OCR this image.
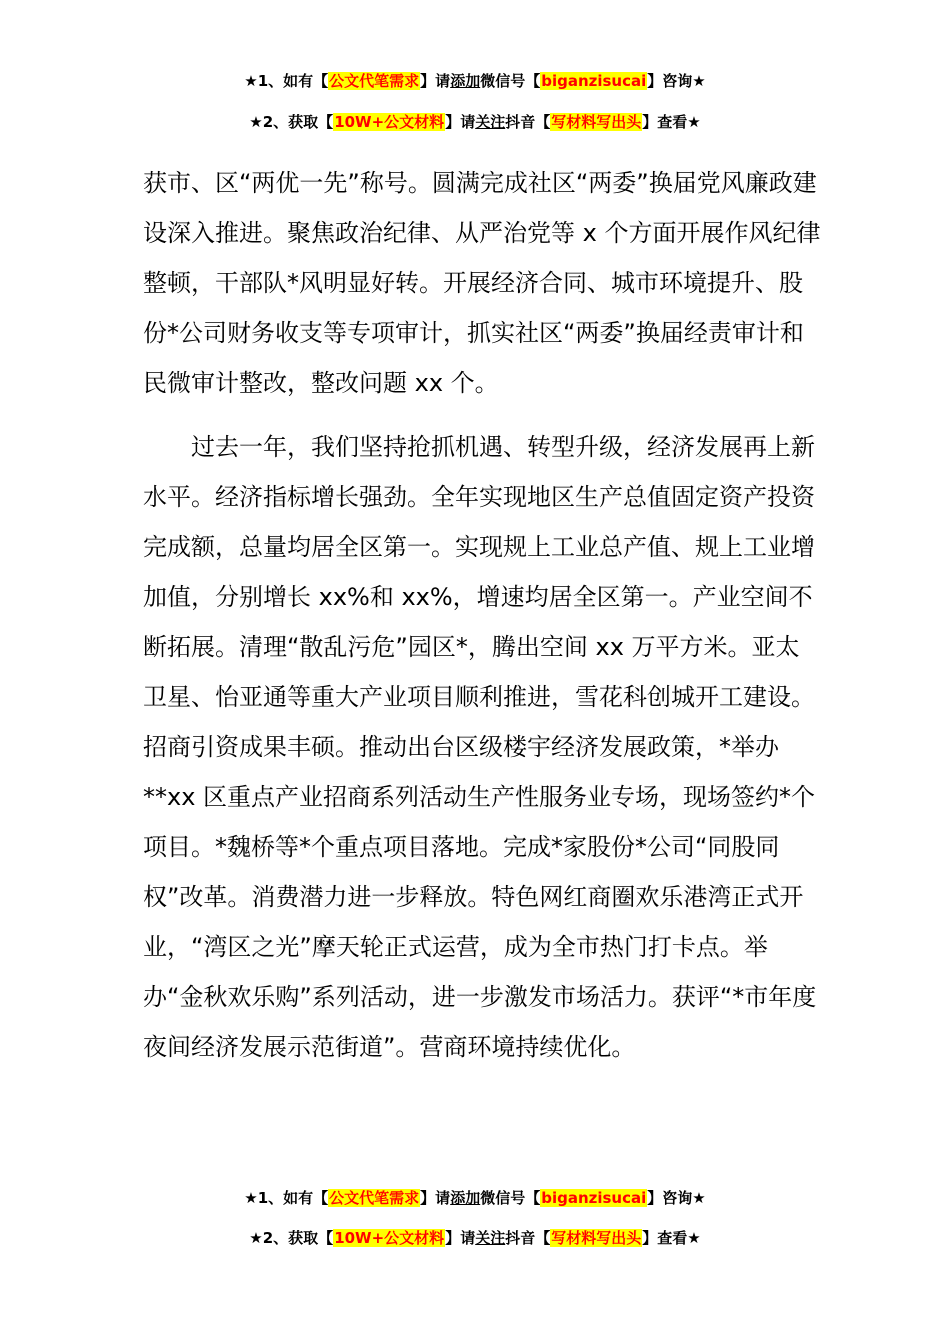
★1、如有【公文代笔需求】请添加微信号【biganzisucai】咨询★
★2、获取【10W+公文材料】请关注抖音【写材料写出头】查看★

获市、区“两优一先”称号。圆满完成社区“两委”换届党风廉政建设深入推进。聚焦政治纪律、从严治党等 x 个方面开展作风纪律整顿，干部队*风明显好转。开展经济合同、城市环境提升、股份*公司财务收支等专项审计，抓实社区“两委”换届经责审计和民微审计整改，整改问题 xx 个。

过去一年，我们坚持抢抓机遇、转型升级，经济发展再上新水平。经济指标增长强劲。全年实现地区生产总值固定资产投资完成额，总量均居全区第一。实现规上工业总产值、规上工业增加值，分别增长 xx%和 xx%，增速均居全区第一。产业空间不断拓展。清理“散乱污危”园区*，腾出空间 xx 万平方米。亚太卫星、怡亚通等重大产业项目顺利推进，雪花科创城开工建设。招商引资成果丰硕。推动出台区级楼宇经济发展政策，*举办**xx 区重点产业招商系列活动生产性服务业专场，现场签约*个项目。*魏桥等*个重点项目落地。完成*家股份*公司“同股同权”改革。消费潜力进一步释放。特色网红商圈欢乐港湾正式开业，“湾区之光”摩天轮正式运营，成为全市热门打卡点。举办“金秋欢乐购”系列活动，进一步激发市场活力。获评“*市年度夜间经济发展示范街道”。营商环境持续优化。

★1、如有【公文代笔需求】请添加微信号【biganzisucai】咨询★
★2、获取【10W+公文材料】请关注抖音【写材料写出头】查看★
